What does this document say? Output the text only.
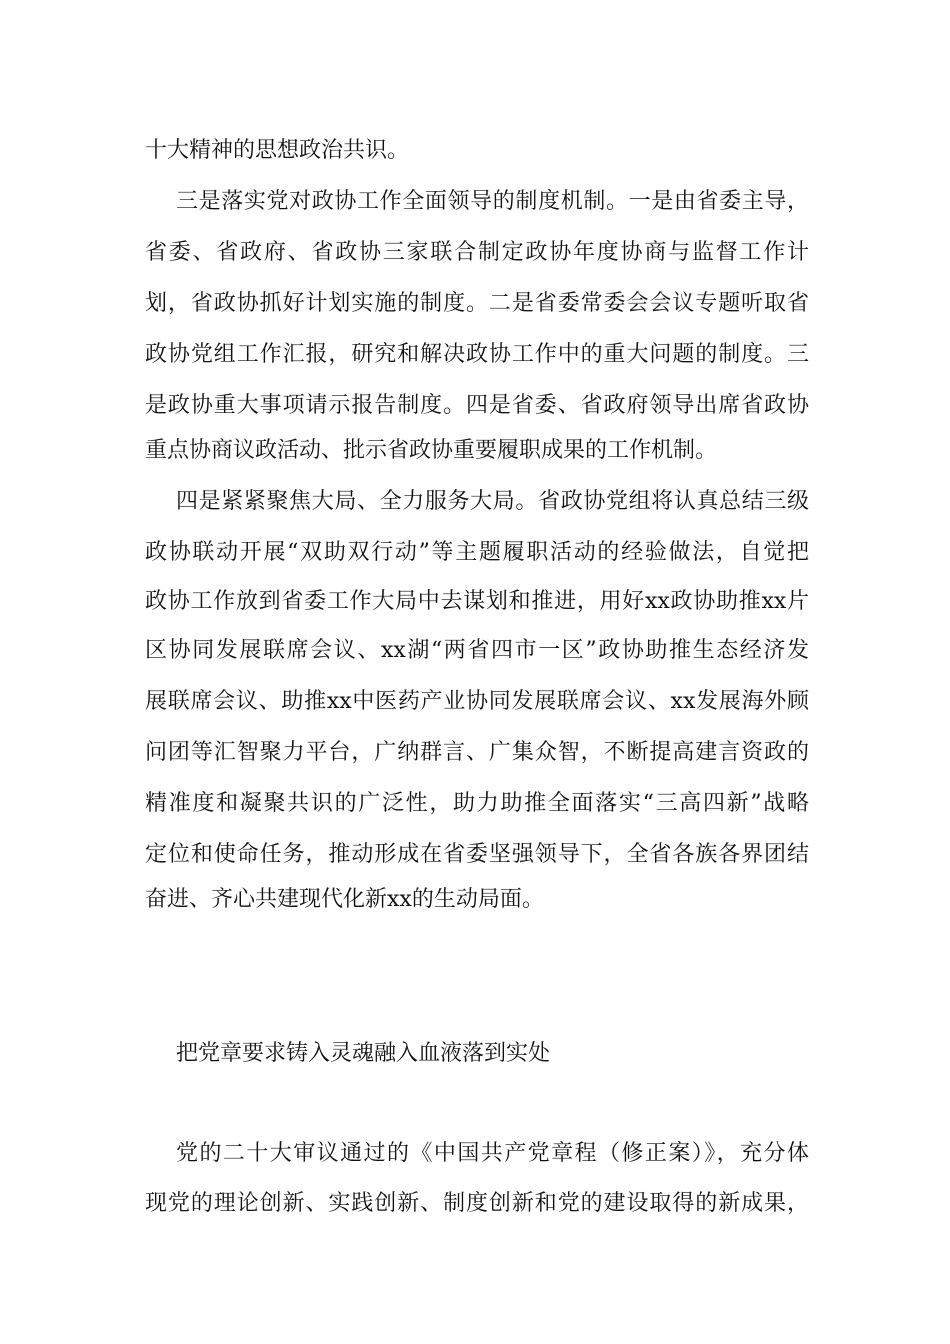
十大精神的思想政治共识。
三是落实党对政协工作全面领导的制度机制。一是由省委主导，
省委、省政府、省政协三家联合制定政协年度协商与监督工作计
划，省政协抓好计划实施的制度。二是省委常委会会议专题听取省
政协党组工作汇报，研究和解决政协工作中的重大问题的制度。三
是政协重大事项请示报告制度。四是省委、省政府领导出席省政协
重点协商议政活动、批示省政协重要履职成果的工作机制。
四是紧紧聚焦大局、全力服务大局。省政协党组将认真总结三级
政协联动开展“双助双行动”等主题履职活动的经验做法，自觉把
政协工作放到省委工作大局中去谋划和推进，用好xx政协助推xx片
区协同发展联席会议、xx湖“两省四市一区”政协助推生态经济发
展联席会议、助推xx中医药产业协同发展联席会议、xx发展海外顾
问团等汇智聚力平台，广纳群言、广集众智，不断提高建言资政的
精准度和凝聚共识的广泛性，助力助推全面落实“三高四新”战略
定位和使命任务，推动形成在省委坚强领导下，全省各族各界团结
奋进、齐心共建现代化新xx的生动局面。
把党章要求铸入灵魂融入血液落到实处
党的二十大审议通过的《中国共产党章程（修正案）》，充分体
现党的理论创新、实践创新、制度创新和党的建设取得的新成果，
